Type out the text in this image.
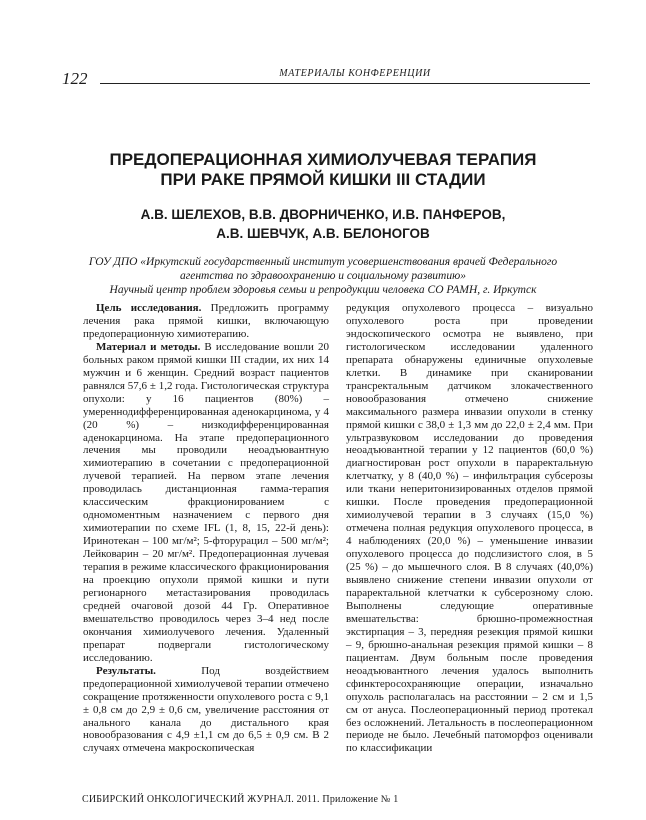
122	МАТЕРИАЛЫ КОНФЕРЕНЦИИ
ПРЕДОПЕРАЦИОННАЯ ХИМИОЛУЧЕВАЯ ТЕРАПИЯ
ПРИ РАКЕ ПРЯМОЙ КИШКИ III СТАДИИ
А.В. ШЕЛЕХОВ, В.В. ДВОРНИЧЕНКО, И.В. ПАНФЕРОВ,
А.В. ШЕВЧУК, А.В. БЕЛОНОГОВ
ГОУ ДПО «Иркутский государственный институт усовершенствования врачей Федерального
агентства по здравоохранению и социальному развитию»
Научный центр проблем здоровья семьи и репродукции человека СО РАМН, г. Иркутск

Цель исследования. Предложить программу лечения рака прямой кишки, включающую предоперационную химиотерапию.

Материал и методы. В исследование вошли 20 больных раком прямой кишки III стадии, их них 14 мужчин и 6 женщин. Средний возраст пациентов равнялся 57,6 ± 1,2 года. Гистологическая структура опухоли: у 16 пациентов (80%) – умереннодифференцированная аденокарцинома, у 4 (20 %) – низкодифференцированная аденокарцинома. На этапе предоперационного лечения мы проводили неоадъювантную химиотерапию в сочетании с предоперационной лучевой терапией. На первом этапе лечения проводилась дистанционная гамма-терапия классическим фракционированием с одномоментным назначением с первого дня химиотерапии по схеме IFL (1, 8, 15, 22-й день): Иринотекан – 100 мг/м²; 5-фторурацил – 500 мг/м²; Лейковарин – 20 мг/м². Предоперационная лучевая терапия в режиме классического фракционирования на проекцию опухоли прямой кишки и пути регионарного метастазирования проводилась средней очаговой дозой 44 Гр. Оперативное вмешательство проводилось через 3–4 нед после окончания химиолучевого лечения. Удаленный препарат подвергали гистологическому исследованию.

Результаты. Под воздействием предоперационной химиолучевой терапии отмечено сокращение протяженности опухолевого роста с 9,1 ± 0,8 см до 2,9 ± 0,6 см, увеличение расстояния от анального канала до дистального края новообразования с 4,9 ±1,1 см до 6,5 ± 0,9 см. В 2 случаях отмечена макроскопическая

редукция опухолевого процесса – визуально опухолевого роста при проведении эндоскопического осмотра не выявлено, при гистологическом исследовании удаленного препарата обнаружены единичные опухолевые клетки. В динамике при сканировании трансректальным датчиком злокачественного новообразования отмечено снижение максимального размера инвазии опухоли в стенку прямой кишки с 38,0 ± 1,3 мм до 22,0 ± 2,4 мм. При ультразвуковом исследовании до проведения неоадъювантной терапии у 12 пациентов (60,0 %) диагностирован рост опухоли в параректальную клетчатку, у 8 (40,0 %) – инфильтрация субсерозы или ткани неперитонизированных отделов прямой кишки. После проведения предоперационной химиолучевой терапии в 3 случаях (15,0 %) отмечена полная редукция опухолевого процесса, в 4 наблюдениях (20,0 %) – уменьшение инвазии опухолевого процесса до подслизистого слоя, в 5 (25 %) – до мышечного слоя. В 8 случаях (40,0%) выявлено снижение степени инвазии опухоли от параректальной клетчатки к субсерозному слою. Выполнены следующие оперативные вмешательства: брюшно-промежностная экстирпация – 3, передняя резекция прямой кишки – 9, брюшно-анальная резекция прямой кишки – 8 пациентам. Двум больным после проведения неоадъювантного лечения удалось выполнить сфинктеросохраняющие операции, изначально опухоль располагалась на расстоянии – 2 см и 1,5 см от ануса. Послеоперационный период протекал без осложнений. Летальность в послеоперационном периоде не было. Лечебный патоморфоз оценивали по классификации

СИБИРСКИЙ ОНКОЛОГИЧЕСКИЙ ЖУРНАЛ. 2011. Приложение № 1
